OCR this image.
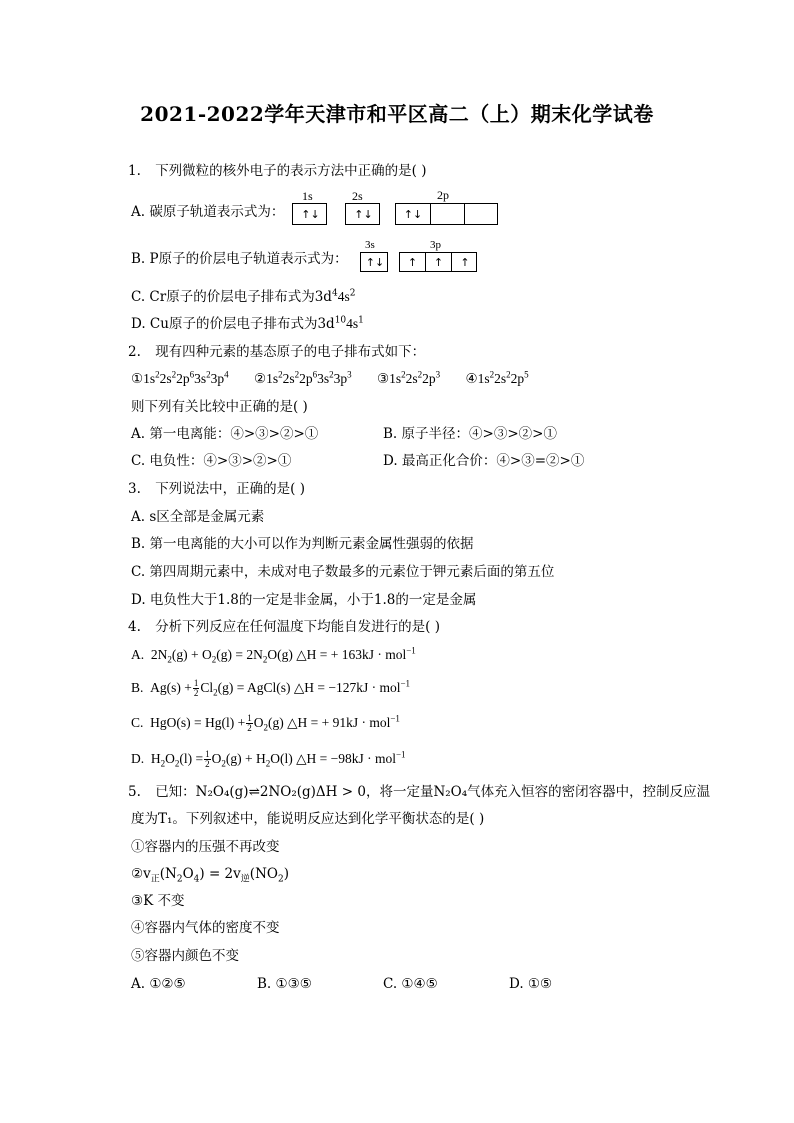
2021-2022学年天津市和平区高二（上）期末化学试卷
1. 下列微粒的核外电子的表示方法中正确的是( )
A. 碳原子轨道表示式为：
1s	2s	2p
↑↓	↑↓	↑↓
B. P原子的价层电子轨道表示式为：
3s	3p
↑↓	↑	↑	↑
C. Cr原子的价层电子排布式为$3d^44s^2$
D. Cu原子的价层电子排布式为$3d^{10}4s^1$
2. 现有四种元素的基态原子的电子排布式如下：
$①1s^22s^22p^63s^23p^4$ $②1s^22s^22p^63s^23p^3$ $③1s^22s^22p^3$ $④1s^22s^22p^5$
则下列有关比较中正确的是( )
A. 第一电离能：④>③>②>①	B. 原子半径：④>③>②>①
C. 电负性：④>③>②>①	D. 最高正化合价：④>③=②>①
3. 下列说法中，正确的是( )
A. s区全部是金属元素
B. 第一电离能的大小可以作为判断元素金属性强弱的依据
C. 第四周期元素中，未成对电子数最多的元素位于钾元素后面的第五位
D. 电负性大于1.8的一定是非金属，小于1.8的一定是金属
4. 分析下列反应在任何温度下均能自发进行的是( )
A. $2N_2(g) + O_2(g) = 2N_2O(g)$ △H = + 163kJ · mol$^{-1}$
B. $Ag(s) + \frac{1}{2} Cl_2(g)$ = AgCl(s) △H = −127kJ · mol$^{-1}$
C. $HgO(s) = Hg(l) + \frac{1}{2} O_2(g)$ △H = + 91kJ · mol$^{-1}$
D. $H_2O_2(l) = \frac{1}{2} O_2(g) + H_2O(l)$ △H = −98kJ · mol$^{-1}$
5. 已知：N₂O₄(g)⇌2NO₂(g)ΔH > 0，将一定量N₂O₄气体充入恒容的密闭容器中，控制反应温
度为T₁。下列叙述中，能说明反应达到化学平衡状态的是( )
①容器内的压强不再改变
$②v_正(N_2O_4) = 2v_逆(NO_2)$
③K 不变
④容器内气体的密度不变
⑤容器内颜色不变
A. ①②⑤	B. ①③⑤	C. ①④⑤	D. ①⑤
